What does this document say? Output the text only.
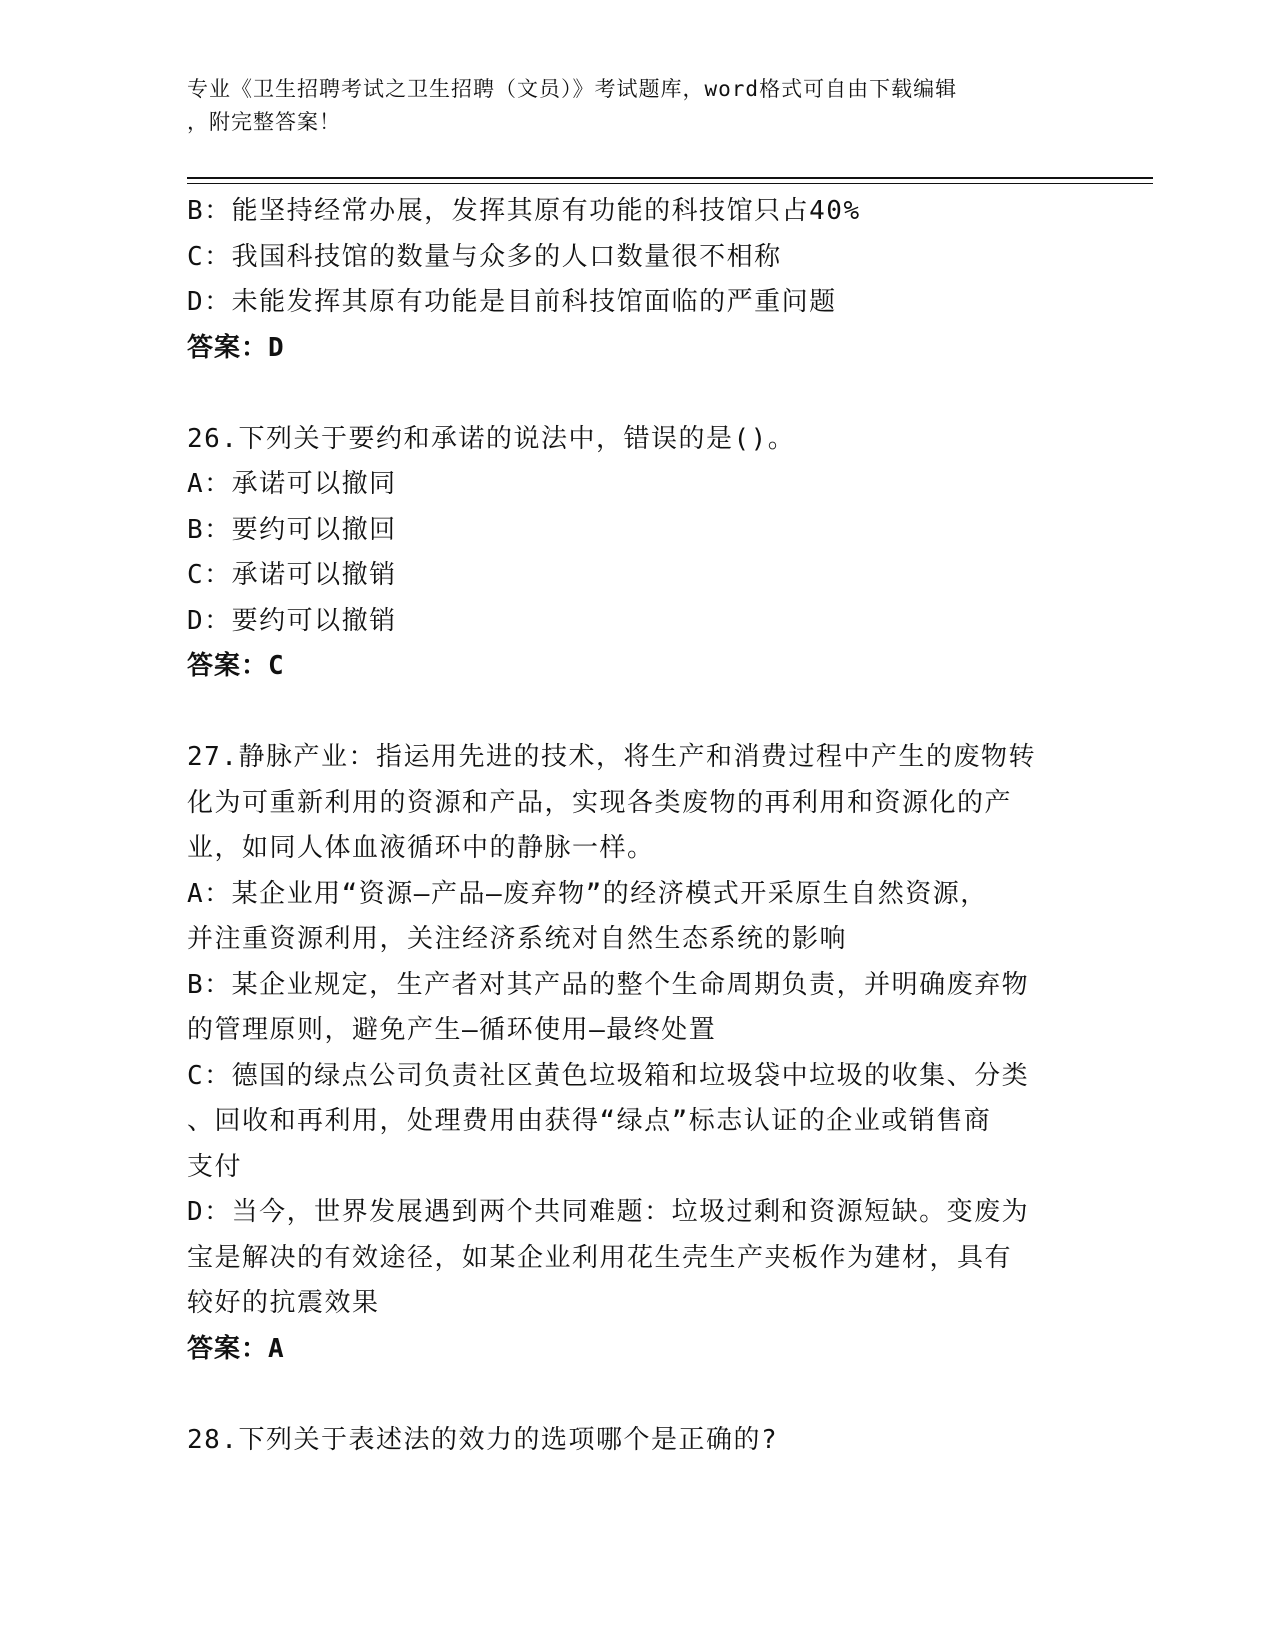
专业《卫生招聘考试之卫生招聘（文员）》考试题库，word格式可自由下载编辑
，附完整答案！
B：能坚持经常办展，发挥其原有功能的科技馆只占40%
C：我国科技馆的数量与众多的人口数量很不相称
D：未能发挥其原有功能是目前科技馆面临的严重问题
答案：D
26.下列关于要约和承诺的说法中，错误的是()。
A：承诺可以撤同
B：要约可以撤回
C：承诺可以撤销
D：要约可以撤销
答案：C
27.静脉产业：指运用先进的技术，将生产和消费过程中产生的废物转
化为可重新利用的资源和产品，实现各类废物的再利用和资源化的产
业，如同人体血液循环中的静脉一样。
A：某企业用“资源—产品—废弃物”的经济模式开采原生自然资源，
并注重资源利用，关注经济系统对自然生态系统的影响
B：某企业规定，生产者对其产品的整个生命周期负责，并明确废弃物
的管理原则，避免产生—循环使用—最终处置
C：德国的绿点公司负责社区黄色垃圾箱和垃圾袋中垃圾的收集、分类
、回收和再利用，处理费用由获得“绿点”标志认证的企业或销售商
支付
D：当今，世界发展遇到两个共同难题：垃圾过剩和资源短缺。变废为
宝是解决的有效途径，如某企业利用花生壳生产夹板作为建材，具有
较好的抗震效果
答案：A
28.下列关于表述法的效力的选项哪个是正确的?
